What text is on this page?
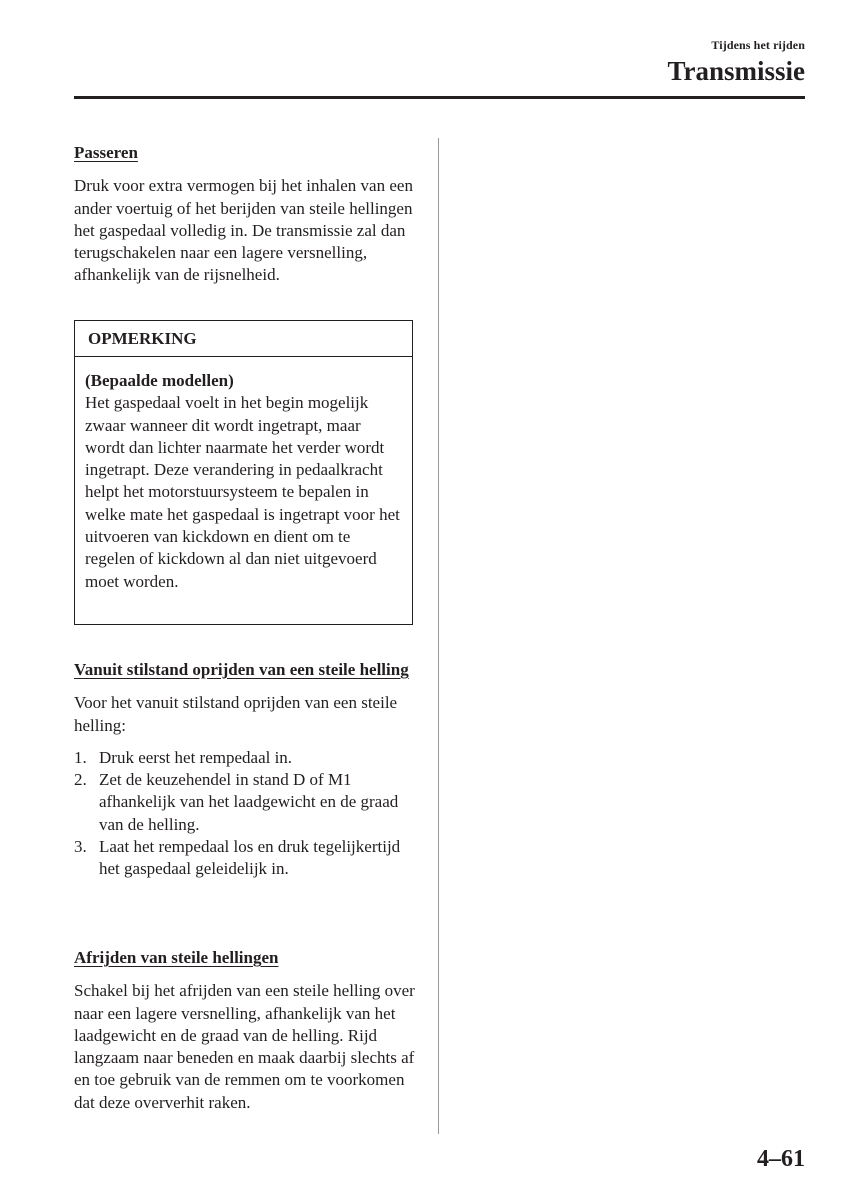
Tijdens het rijden
Transmissie
Passeren

Druk voor extra vermogen bij het inhalen van een ander voertuig of het berijden van steile hellingen het gaspedaal volledig in. De transmissie zal dan terugschakelen naar een lagere versnelling, afhankelijk van de rijsnelheid.

OPMERKING
(Bepaalde modellen)
Het gaspedaal voelt in het begin mogelijk zwaar wanneer dit wordt ingetrapt, maar wordt dan lichter naarmate het verder wordt ingetrapt. Deze verandering in pedaalkracht helpt het motorstuursysteem te bepalen in welke mate het gaspedaal is ingetrapt voor het uitvoeren van kickdown en dient om te regelen of kickdown al dan niet uitgevoerd moet worden.
Vanuit stilstand oprijden van een steile helling

Voor het vanuit stilstand oprijden van een steile helling:

1. Druk eerst het rempedaal in.
2. Zet de keuzehendel in stand D of M1 afhankelijk van het laadgewicht en de graad van de helling.
3. Laat het rempedaal los en druk tegelijkertijd het gaspedaal geleidelijk in.
Afrijden van steile hellingen

Schakel bij het afrijden van een steile helling over naar een lagere versnelling, afhankelijk van het laadgewicht en de graad van de helling. Rijd langzaam naar beneden en maak daarbij slechts af en toe gebruik van de remmen om te voorkomen dat deze oververhit raken.

4–61
